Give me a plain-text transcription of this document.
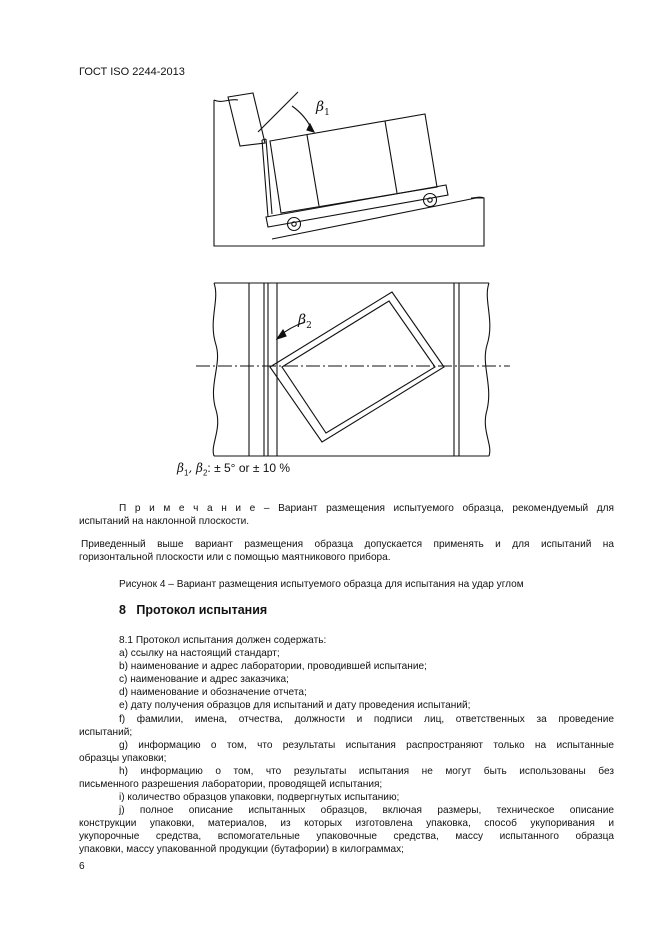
ГОСТ ISO 2244-2013
$\beta_1$
$\beta_2$
$\beta_1$, $\beta_2$: ± 5° or ± 10 %
П р и м е ч а н и е – Вариант размещения испытуемого образца, рекомендуемый для
испытаний на наклонной плоскости.
Приведенный выше вариант размещения образца допускается применять и для испытаний на
горизонтальной плоскости или с помощью маятникового прибора.
Рисунок 4 – Вариант размещения испытуемого образца для испытания на удар углом
8 Протокол испытания
8.1 Протокол испытания должен содержать:
a) ссылку на настоящий стандарт;
b) наименование и адрес лаборатории, проводившей испытание;
c) наименование и адрес заказчика;
d) наименование и обозначение отчета;
e) дату получения образцов для испытаний и дату проведения испытаний;
f) фамилии, имена, отчества, должности и подписи лиц, ответственных за проведение
испытаний;
g) информацию о том, что результаты испытания распространяют только на испытанные
образцы упаковки;
h) информацию о том, что результаты испытания не могут быть использованы без
письменного разрешения лаборатории, проводящей испытания;
i) количество образцов упаковки, подвергнутых испытанию;
j) полное описание испытанных образцов, включая размеры, техническое описание
конструкции упаковки, материалов, из которых изготовлена упаковка, способ укупоривания и
укупорочные средства, вспомогательные упаковочные средства, массу испытанного образца
упаковки, массу упакованной продукции (бутафории) в килограммах;
6
